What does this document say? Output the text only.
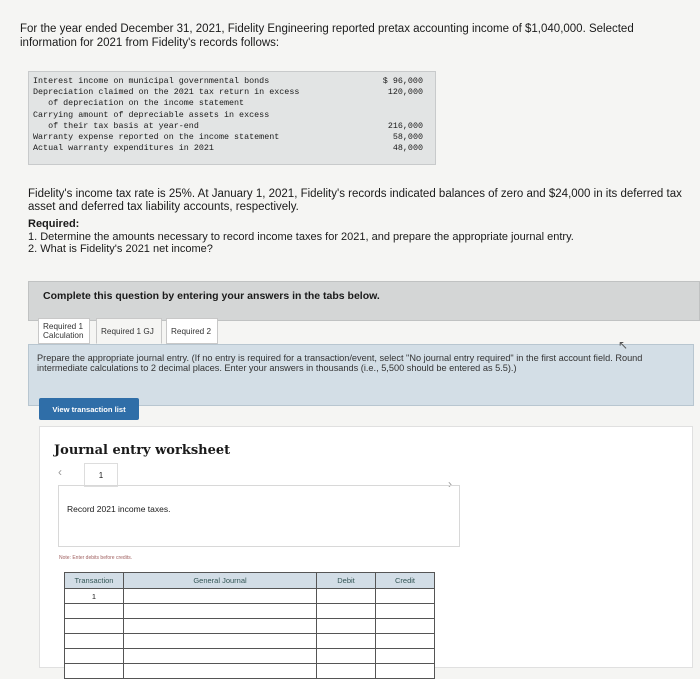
For the year ended December 31, 2021, Fidelity Engineering reported pretax accounting income of $1,040,000. Selected information for 2021 from Fidelity's records follows:
Interest income on municipal governmental bonds	$ 96,000
Depreciation claimed on the 2021 tax return in excess	120,000
of depreciation on the income statement
Carrying amount of depreciable assets in excess
of their tax basis at year-end	216,000
Warranty expense reported on the income statement	58,000
Actual warranty expenditures in 2021	48,000
Fidelity's income tax rate is 25%. At January 1, 2021, Fidelity's records indicated balances of zero and $24,000 in its deferred tax asset and deferred tax liability accounts, respectively.
Required:
1. Determine the amounts necessary to record income taxes for 2021, and prepare the appropriate journal entry.
2. What is Fidelity's 2021 net income?
Complete this question by entering your answers in the tabs below.
Required 1 Calculation	Required 1 GJ	Required 2

Prepare the appropriate journal entry. (If no entry is required for a transaction/event, select "No journal entry required" in the first account field. Round intermediate calculations to 2 decimal places. Enter your answers in thousands (i.e., 5,500 should be entered as 5.5).)

↖
View transaction list
Journal entry worksheet
‹	1
›
Record 2021 income taxes.
Note: Enter debits before credits.
Transaction	General Journal	Debit	Credit
1			
